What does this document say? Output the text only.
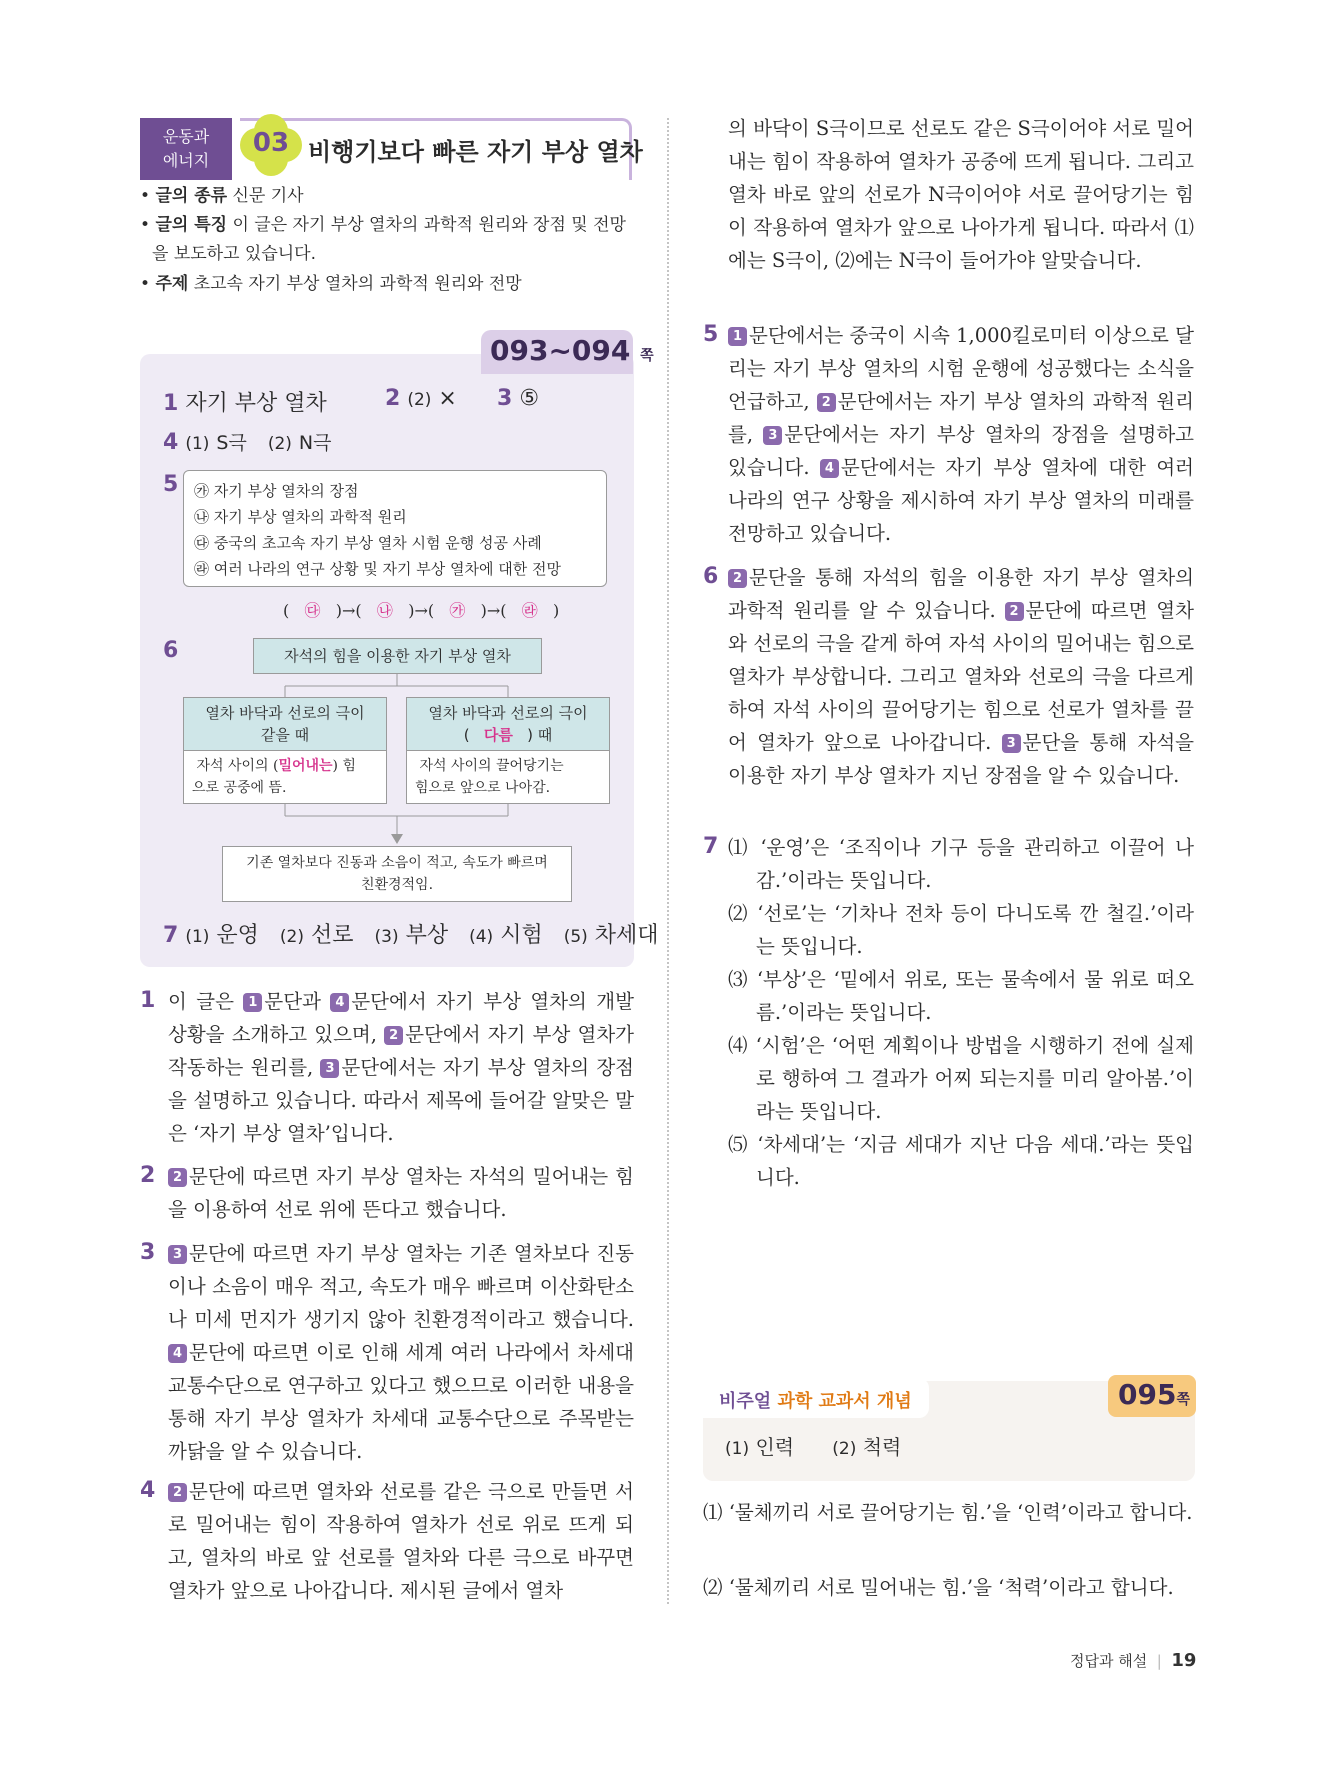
운동과
에너지
03 비행기보다 빠른 자기 부상 열차
• 글의 종류 신문 기사
• 글의 특징 이 글은 자기 부상 열차의 과학적 원리와 장점 및 전망
을 보도하고 있습니다.
• 주제 초고속 자기 부상 열차의 과학적 원리와 전망
093~094 쪽
1 자기 부상 열차	2 (2) × 3 ⑤
4 (1) S극 (2) N극
5 ㉮ 자기 부상 열차의 장점
㉯ 자기 부상 열차의 과학적 원리
㉰ 중국의 초고속 자기 부상 열차 시험 운행 성공 사례
㉱ 여러 나라의 연구 상황 및 자기 부상 열차에 대한 전망
(   ㉰   )→(   ㉯   )→(   ㉮   )→(   ㉱   )
6	자석의 힘을 이용한 자기 부상 열차
열차 바닥과 선로의 극이
같을 때
자석 사이의 (밀어내는) 힘
으로 공중에 뜸.
열차 바닥과 선로의 극이
( 다름 ) 때
자석 사이의 끌어당기는
힘으로 앞으로 나아감.
기존 열차보다 진동과 소음이 적고, 속도가 빠르며
친환경적임.
7 (1) 운영 (2) 선로 (3) 부상 (4) 시험 (5) 차세대
1 이 글은 1 문단과 4 문단에서 자기 부상 열차의 개발 상황을 소개하고 있으며, 2 문단에서 자기 부상 열차가 작동하는 원리를, 3 문단에서는 자기 부상 열차의 장점을 설명하고 있습니다. 따라서 제목에 들어갈 알맞은 말은 ‘자기 부상 열차’입니다.
2	2 문단에 따르면 자기 부상 열차는 자석의 밀어내는 힘을 이용하여 선로 위에 뜬다고 했습니다.
3	3 문단에 따르면 자기 부상 열차는 기존 열차보다 진동이나 소음이 매우 적고, 속도가 매우 빠르며 이산화탄소나 미세 먼지가 생기지 않아 친환경적이라고 했습니다. 4 문단에 따르면 이로 인해 세계 여러 나라에서 차세대 교통수단으로 연구하고 있다고 했으므로 이러한 내용을 통해 자기 부상 열차가 차세대 교통수단으로 주목받는 까닭을 알 수 있습니다.
4	2 문단에 따르면 열차와 선로를 같은 극으로 만들면 서로 밀어내는 힘이 작용하여 열차가 선로 위로 뜨게 되고, 열차의 바로 앞 선로를 열차와 다른 극으로 바꾸면 열차가 앞으로 나아갑니다. 제시된 글에서 열차
의 바닥이 S극이므로 선로도 같은 S극이어야 서로 밀어내는 힘이 작용하여 열차가 공중에 뜨게 됩니다. 그리고 열차 바로 앞의 선로가 N극이어야 서로 끌어당기는 힘이 작용하여 열차가 앞으로 나아가게 됩니다. 따라서 ⑴에는 S극이, ⑵에는 N극이 들어가야 알맞습니다.
5	1 문단에서는 중국이 시속 1,000킬로미터 이상으로 달리는 자기 부상 열차의 시험 운행에 성공했다는 소식을 언급하고, 2 문단에서는 자기 부상 열차의 과학적 원리를, 3 문단에서는 자기 부상 열차의 장점을 설명하고 있습니다. 4 문단에서는 자기 부상 열차에 대한 여러 나라의 연구 상황을 제시하여 자기 부상 열차의 미래를 전망하고 있습니다.
6	2 문단을 통해 자석의 힘을 이용한 자기 부상 열차의 과학적 원리를 알 수 있습니다. 2 문단에 따르면 열차와 선로의 극을 같게 하여 자석 사이의 밀어내는 힘으로 열차가 부상합니다. 그리고 열차와 선로의 극을 다르게 하여 자석 사이의 끌어당기는 힘으로 선로가 열차를 끌어 열차가 앞으로 나아갑니다. 3 문단을 통해 자석을 이용한 자기 부상 열차가 지닌 장점을 알 수 있습니다.
7 ⑴ ‘운영’은 ‘조직이나 기구 등을 관리하고 이끌어 나감.’이라는 뜻입니다.
⑵ ‘선로’는 ‘기차나 전차 등이 다니도록 깐 철길.’이라는 뜻입니다.
⑶ ‘부상’은 ‘밑에서 위로, 또는 물속에서 물 위로 떠오름.’이라는 뜻입니다.
⑷ ‘시험’은 ‘어떤 계획이나 방법을 시행하기 전에 실제로 행하여 그 결과가 어찌 되는지를 미리 알아봄.’이라는 뜻입니다.
⑸ ‘차세대’는 ‘지금 세대가 지난 다음 세대.’라는 뜻입니다.
비주얼 과학 교과서 개념	095쪽
(1) 인력 (2) 척력
⑴ ‘물체끼리 서로 끌어당기는 힘.’을 ‘인력’이라고 합니다.
⑵ ‘물체끼리 서로 밀어내는 힘.’을 ‘척력’이라고 합니다.
정답과 해설  |  19
